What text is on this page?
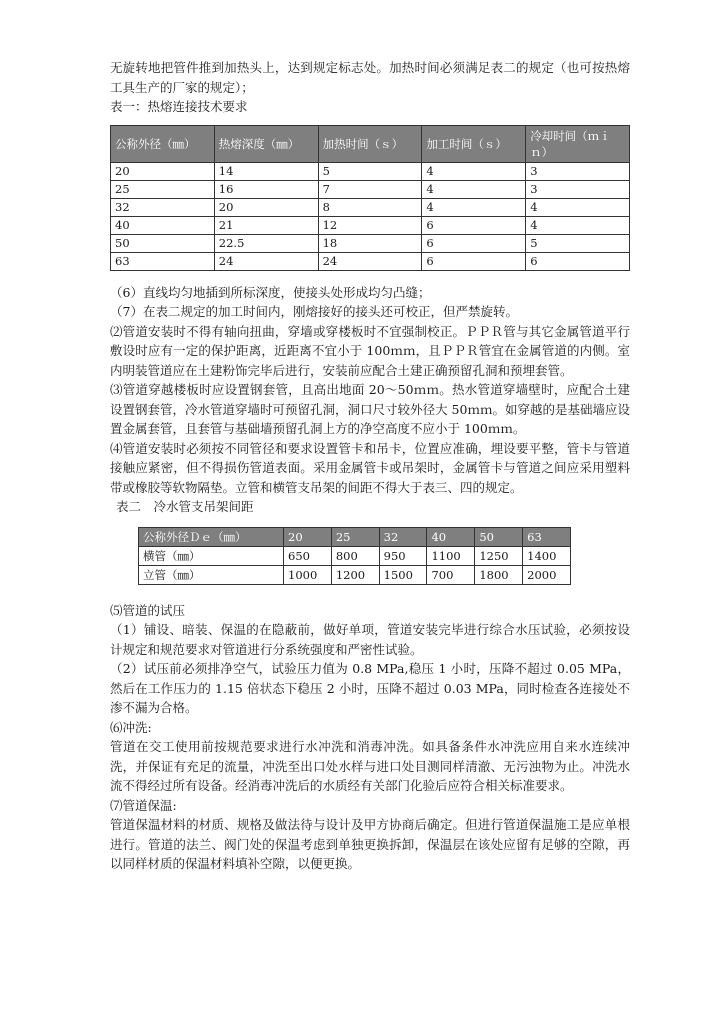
无旋转地把管件推到加热头上，达到规定标志处。加热时间必须满足表二的规定（也可按热熔工具生产的厂家的规定）；

表一：热熔连接技术要求

公称外径（㎜）	热熔深度（㎜）	加热时间（ｓ）	加工时间（ｓ）	冷却时间（ｍｉｎ）
20	14	5	4	3
25	16	7	4	3
32	20	8	4	4
40	21	12	6	4
50	22.5	18	6	5
63	24	24	6	6

（6）直线均匀地插到所标深度，使接头处形成均匀凸缝；

（7）在表二规定的加工时间内，刚熔接好的接头还可校正，但严禁旋转。

⑵管道安装时不得有轴向扭曲，穿墙或穿楼板时不宜强制校正。ＰＰＲ管与其它金属管道平行敷设时应有一定的保护距离，近距离不宜小于 100ｍｍ，且ＰＰＲ管宜在金属管道的内侧。室内明装管道应在土建粉饰完毕后进行，安装前应配合土建正确预留孔洞和预埋套管。

⑶管道穿越楼板时应设置钢套管，且高出地面 20～50ｍｍ。热水管道穿墙壁时，应配合土建设置钢套管，冷水管道穿墙时可预留孔洞，洞口尺寸较外径大 50ｍｍ。如穿越的是基础墙应设置金属套管，且套管与基础墙预留孔洞上方的净空高度不应小于 100ｍｍ。

⑷管道安装时必须按不同管径和要求设置管卡和吊卡，位置应准确，埋设要平整，管卡与管道接触应紧密，但不得损伤管道表面。采用金属管卡或吊架时，金属管卡与管道之间应采用塑料带或橡胶等软物隔垫。立管和横管支吊架的间距不得大于表三、四的规定。

表二　冷水管支吊架间距

公称外径Ｄｅ（㎜）	20	25	32	40	50	63
横管（㎜）	650	800	950	1100	1250	1400
立管（㎜）	1000	1200	1500	700	1800	2000

⑸管道的试压

（1）铺设、暗装、保温的在隐蔽前，做好单项，管道安装完毕进行综合水压试验，必须按设计规定和规范要求对管道进行分系统强度和严密性试验。

（2）试压前必须排净空气，试验压力值为 0.8 MPa,稳压 1 小时，压降不超过 0.05 MPa，然后在工作压力的 1.15 倍状态下稳压 2 小时，压降不超过 0.03 MPa，同时检查各连接处不渗不漏为合格。

⑹冲洗:

管道在交工使用前按规范要求进行水冲洗和消毒冲洗。如具备条件水冲洗应用自来水连续冲洗，并保证有充足的流量，冲洗至出口处水样与进口处目测同样清澈、无污浊物为止。冲洗水流不得经过所有设备。经消毒冲洗后的水质经有关部门化验后应符合相关标准要求。

⑺管道保温:

管道保温材料的材质、规格及做法待与设计及甲方协商后确定。但进行管道保温施工是应单根进行。管道的法兰、阀门处的保温考虑到单独更换拆卸，保温层在该处应留有足够的空隙，再以同样材质的保温材料填补空隙，以便更换。
